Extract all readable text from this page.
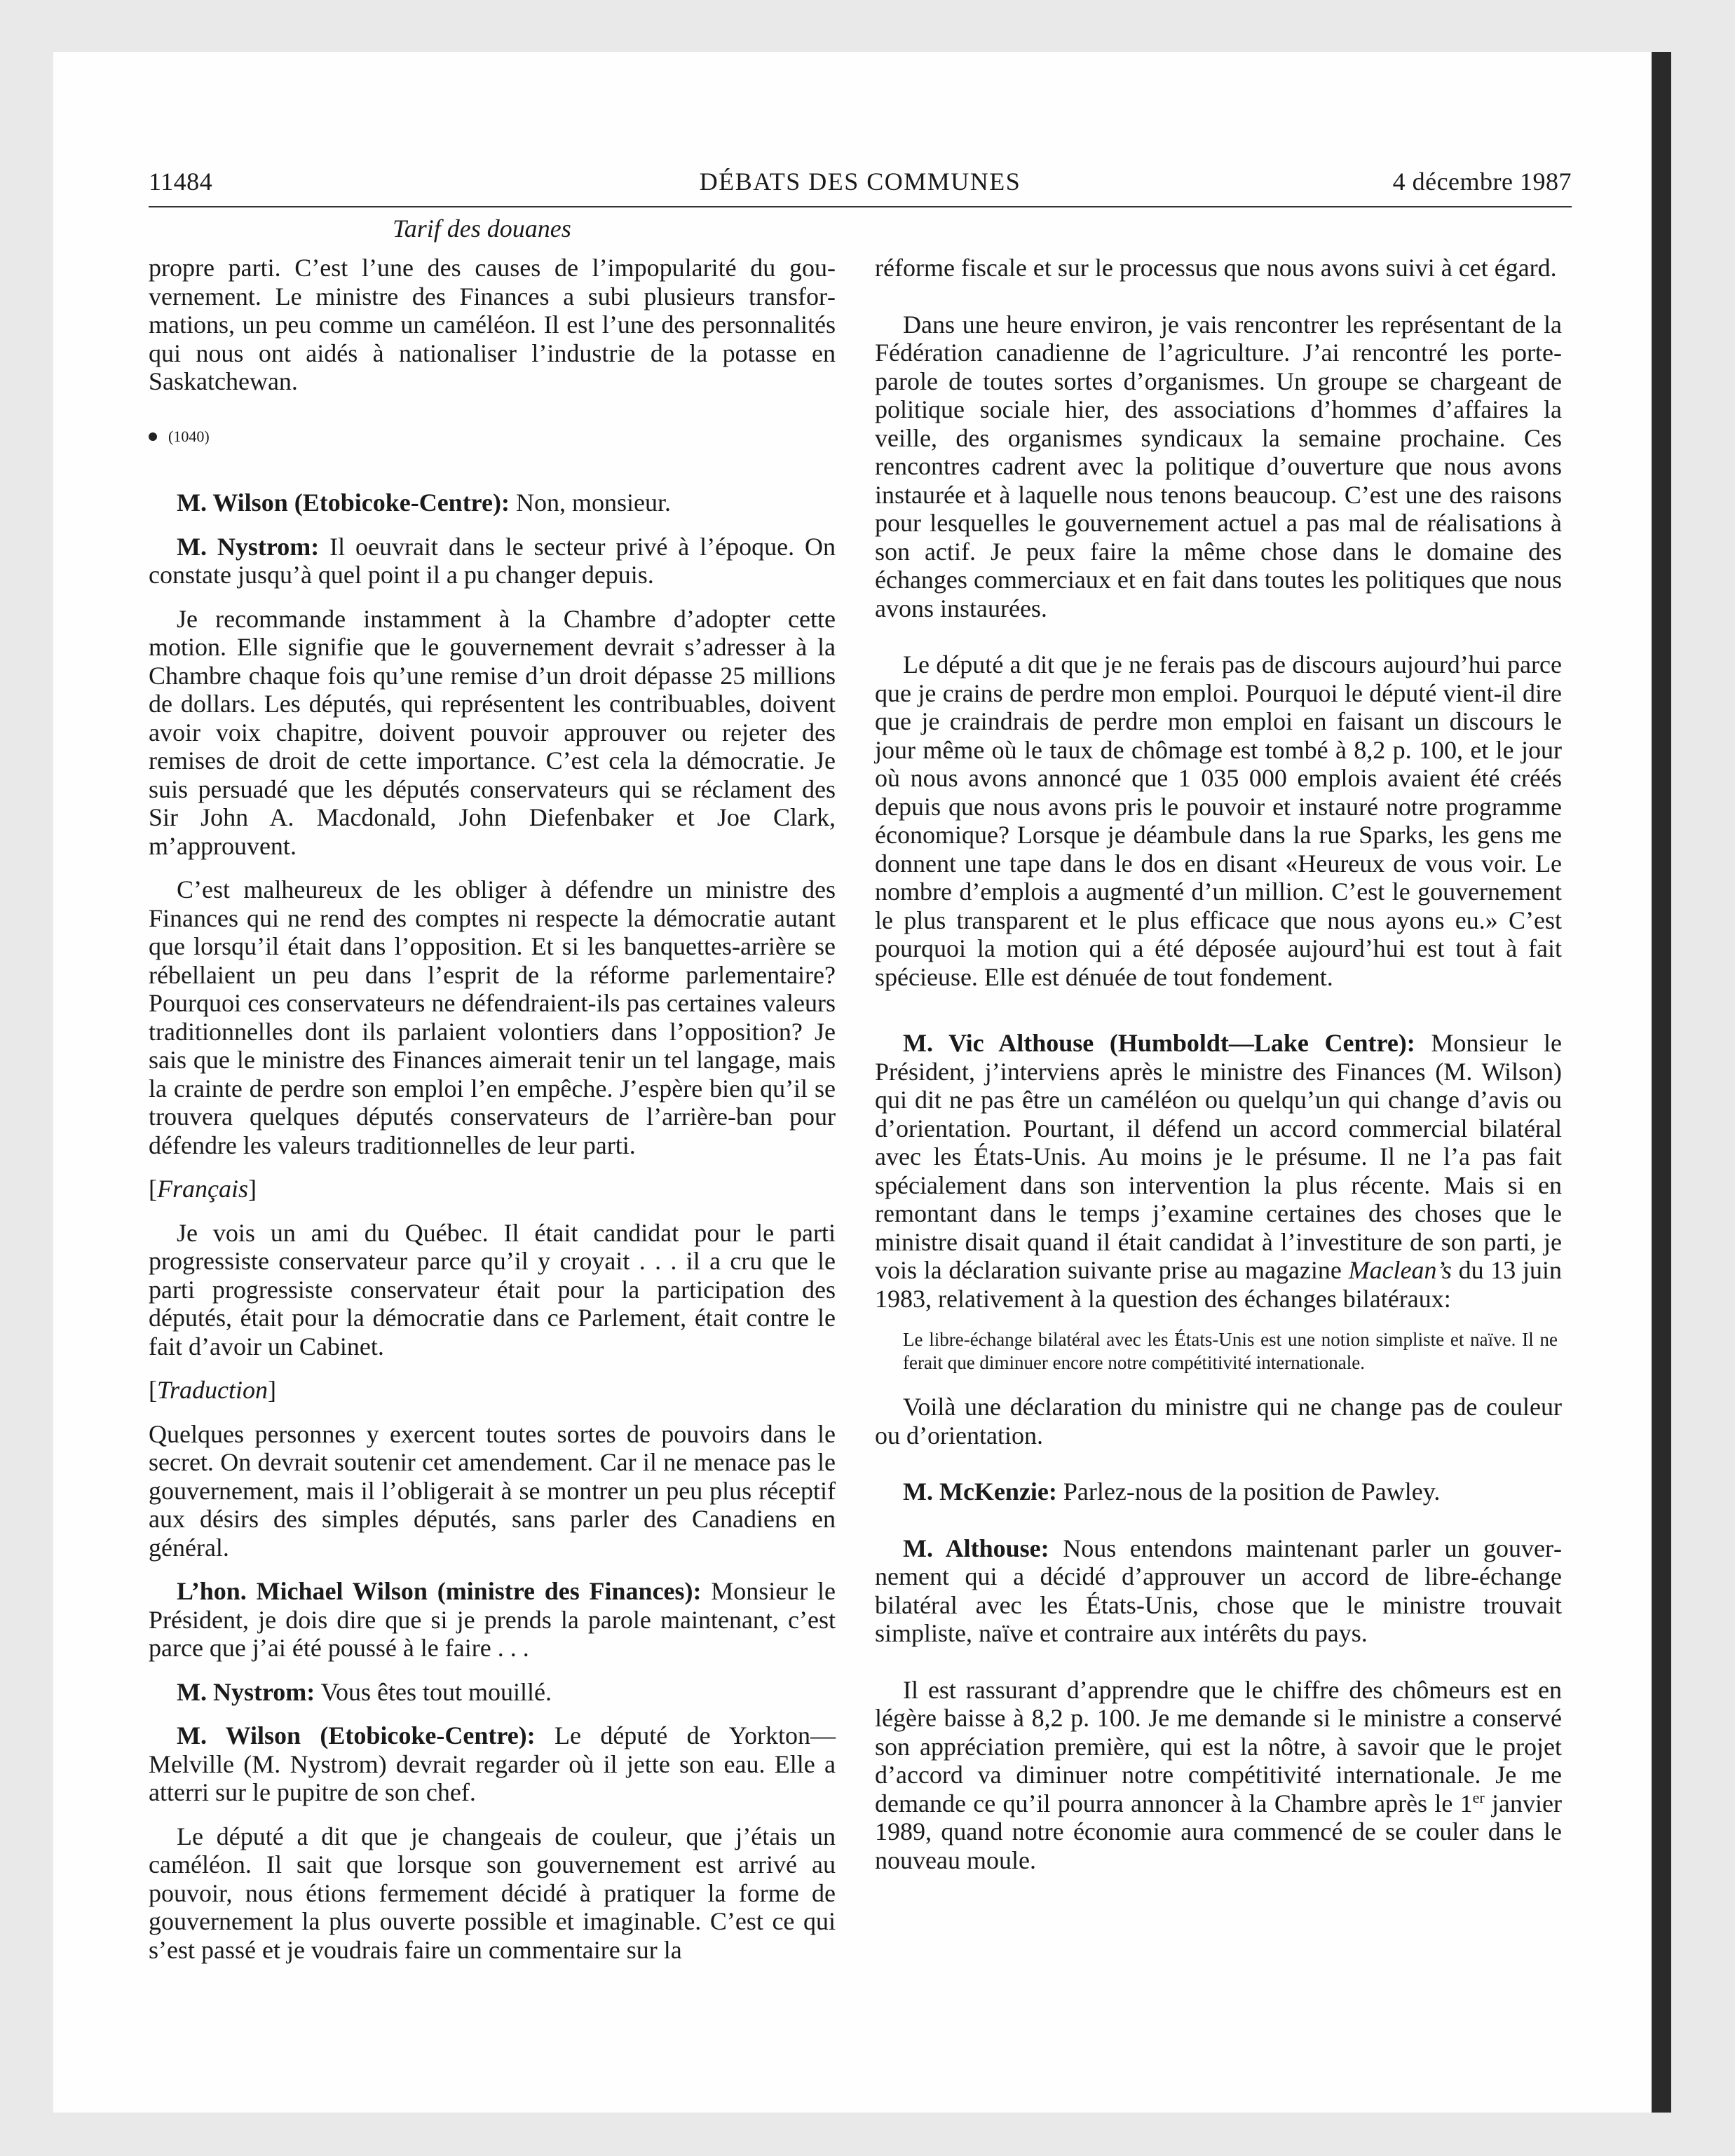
11484	DÉBATS DES COMMUNES	4 décembre 1987
Tarif des douanes

propre parti. C’est l’une des causes de l’impopularité du gouvernement. Le ministre des Finances a subi plusieurs transformations, un peu comme un caméléon. Il est l’une des personnalités qui nous ont aidés à nationaliser l’industrie de la potasse en Saskatchewan.

(1040)

M. Wilson (Etobicoke-Centre): Non, monsieur.

M. Nystrom: Il oeuvrait dans le secteur privé à l’époque. On constate jusqu’à quel point il a pu changer depuis.

Je recommande instamment à la Chambre d’adopter cette motion. Elle signifie que le gouvernement devrait s’adresser à la Chambre chaque fois qu’une remise d’un droit dépasse 25 millions de dollars. Les députés, qui représentent les contribuables, doivent avoir voix chapitre, doivent pouvoir approuver ou rejeter des remises de droit de cette importance. C’est cela la démocratie. Je suis persuadé que les députés conservateurs qui se réclament des Sir John A. Macdonald, John Diefenbaker et Joe Clark, m’approuvent.

C’est malheureux de les obliger à défendre un ministre des Finances qui ne rend des comptes ni respecte la démocratie autant que lorsqu’il était dans l’opposition. Et si les banquettes-arrière se rébellaient un peu dans l’esprit de la réforme parlementaire? Pourquoi ces conservateurs ne défendraient-ils pas certaines valeurs traditionnelles dont ils parlaient volontiers dans l’opposition? Je sais que le ministre des Finances aimerait tenir un tel langage, mais la crainte de perdre son emploi l’en empêche. J’espère bien qu’il se trouvera quelques députés conservateurs de l’arrière-ban pour défendre les valeurs traditionnelles de leur parti.

[Français]

Je vois un ami du Québec. Il était candidat pour le parti progressiste conservateur parce qu’il y croyait . . . il a cru que le parti progressiste conservateur était pour la participation des députés, était pour la démocratie dans ce Parlement, était contre le fait d’avoir un Cabinet.

[Traduction]

Quelques personnes y exercent toutes sortes de pouvoirs dans le secret. On devrait soutenir cet amendement. Car il ne menace pas le gouvernement, mais il l’obligerait à se montrer un peu plus réceptif aux désirs des simples députés, sans parler des Canadiens en général.

L’hon. Michael Wilson (ministre des Finances): Monsieur le Président, je dois dire que si je prends la parole maintenant, c’est parce que j’ai été poussé à le faire . . .

M. Nystrom: Vous êtes tout mouillé.

M. Wilson (Etobicoke-Centre): Le député de Yorkton—Melville (M. Nystrom) devrait regarder où il jette son eau. Elle a atterri sur le pupitre de son chef.

Le député a dit que je changeais de couleur, que j’étais un caméléon. Il sait que lorsque son gouvernement est arrivé au pouvoir, nous étions fermement décidé à pratiquer la forme de gouvernement la plus ouverte possible et imaginable. C’est ce qui s’est passé et je voudrais faire un commentaire sur la

réforme fiscale et sur le processus que nous avons suivi à cet égard.

Dans une heure environ, je vais rencontrer les représentant de la Fédération canadienne de l’agriculture. J’ai rencontré les porte-parole de toutes sortes d’organismes. Un groupe se chargeant de politique sociale hier, des associations d’hommes d’affaires la veille, des organismes syndicaux la semaine prochaine. Ces rencontres cadrent avec la politique d’ouverture que nous avons instaurée et à laquelle nous tenons beaucoup. C’est une des raisons pour lesquelles le gouvernement actuel a pas mal de réalisations à son actif. Je peux faire la même chose dans le domaine des échanges commerciaux et en fait dans toutes les politiques que nous avons instaurées.

Le député a dit que je ne ferais pas de discours aujourd’hui parce que je crains de perdre mon emploi. Pourquoi le député vient-il dire que je craindrais de perdre mon emploi en faisant un discours le jour même où le taux de chômage est tombé à 8,2 p. 100, et le jour où nous avons annoncé que 1 035 000 emplois avaient été créés depuis que nous avons pris le pouvoir et instauré notre programme économique? Lorsque je déambule dans la rue Sparks, les gens me donnent une tape dans le dos en disant «Heureux de vous voir. Le nombre d’emplois a augmenté d’un million. C’est le gouvernement le plus transparent et le plus efficace que nous ayons eu.» C’est pourquoi la motion qui a été déposée aujourd’hui est tout à fait spécieuse. Elle est dénuée de tout fondement.

M. Vic Althouse (Humboldt—Lake Centre): Monsieur le Président, j’interviens après le ministre des Finances (M. Wilson) qui dit ne pas être un caméléon ou quelqu’un qui change d’avis ou d’orientation. Pourtant, il défend un accord commercial bilatéral avec les États-Unis. Au moins je le présume. Il ne l’a pas fait spécialement dans son intervention la plus récente. Mais si en remontant dans le temps j’examine certaines des choses que le ministre disait quand il était candidat à l’investiture de son parti, je vois la déclaration suivante prise au magazine Maclean’s du 13 juin 1983, relativement à la question des échanges bilatéraux:

Le libre-échange bilatéral avec les États-Unis est une notion simpliste et naïve. Il ne ferait que diminuer encore notre compétitivité internationale.

Voilà une déclaration du ministre qui ne change pas de couleur ou d’orientation.

M. McKenzie: Parlez-nous de la position de Pawley.

M. Althouse: Nous entendons maintenant parler un gouvernement qui a décidé d’approuver un accord de libre-échange bilatéral avec les États-Unis, chose que le ministre trouvait simpliste, naïve et contraire aux intérêts du pays.

Il est rassurant d’apprendre que le chiffre des chômeurs est en légère baisse à 8,2 p. 100. Je me demande si le ministre a conservé son appréciation première, qui est la nôtre, à savoir que le projet d’accord va diminuer notre compétitivité internationale. Je me demande ce qu’il pourra annoncer à la Chambre après le 1er janvier 1989, quand notre économie aura commencé de se couler dans le nouveau moule.
